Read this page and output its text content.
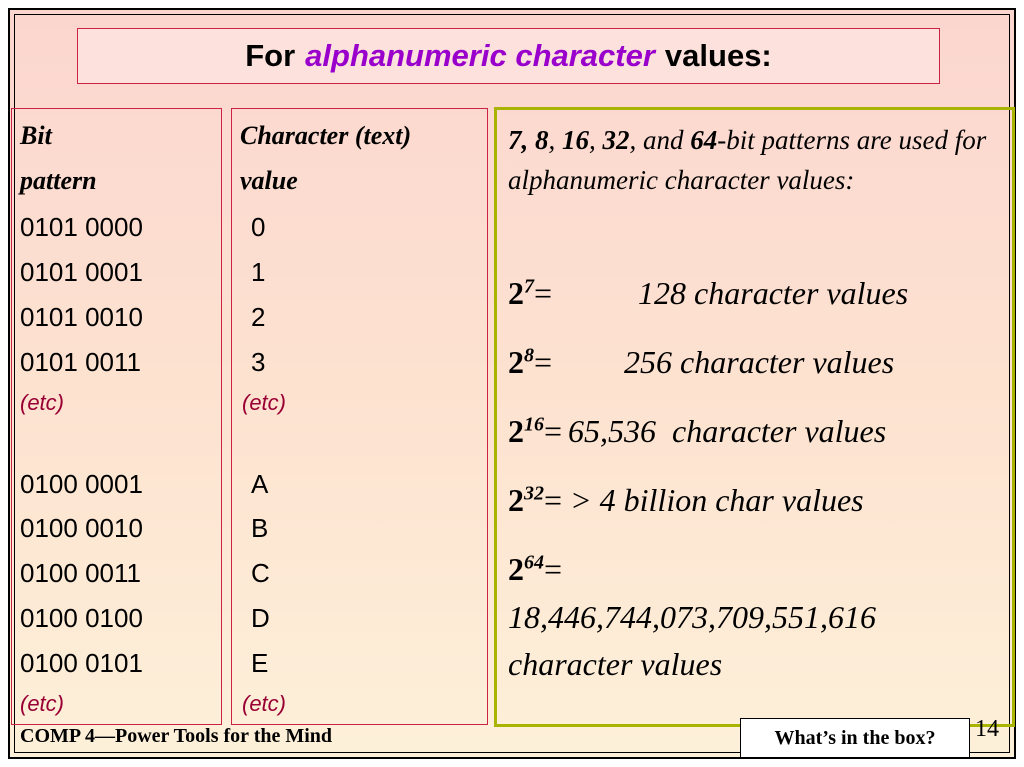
For alphanumeric character values:
Bit
pattern
0101 0000
0101 0001
0101 0010
0101 0011
(etc)
0100 0001
0100 0010
0100 0011
0100 0100
0100 0101
(etc)
Character (text)
value
0
1
2
3
(etc)
A
B
C
D
E
(etc)
7, 8, 16, 32, and 64-bit patterns are used for alphanumeric character values:
$2^7=$	128 character values
$2^8= 256$ character values
$2^{16}= 65,536$  character values
$2^{32}= > 4$ billion char values
$2^{64}=$
18,446,744,073,709,551,616
character values
COMP 4—Power Tools for the Mind	What’s in the box? 14
